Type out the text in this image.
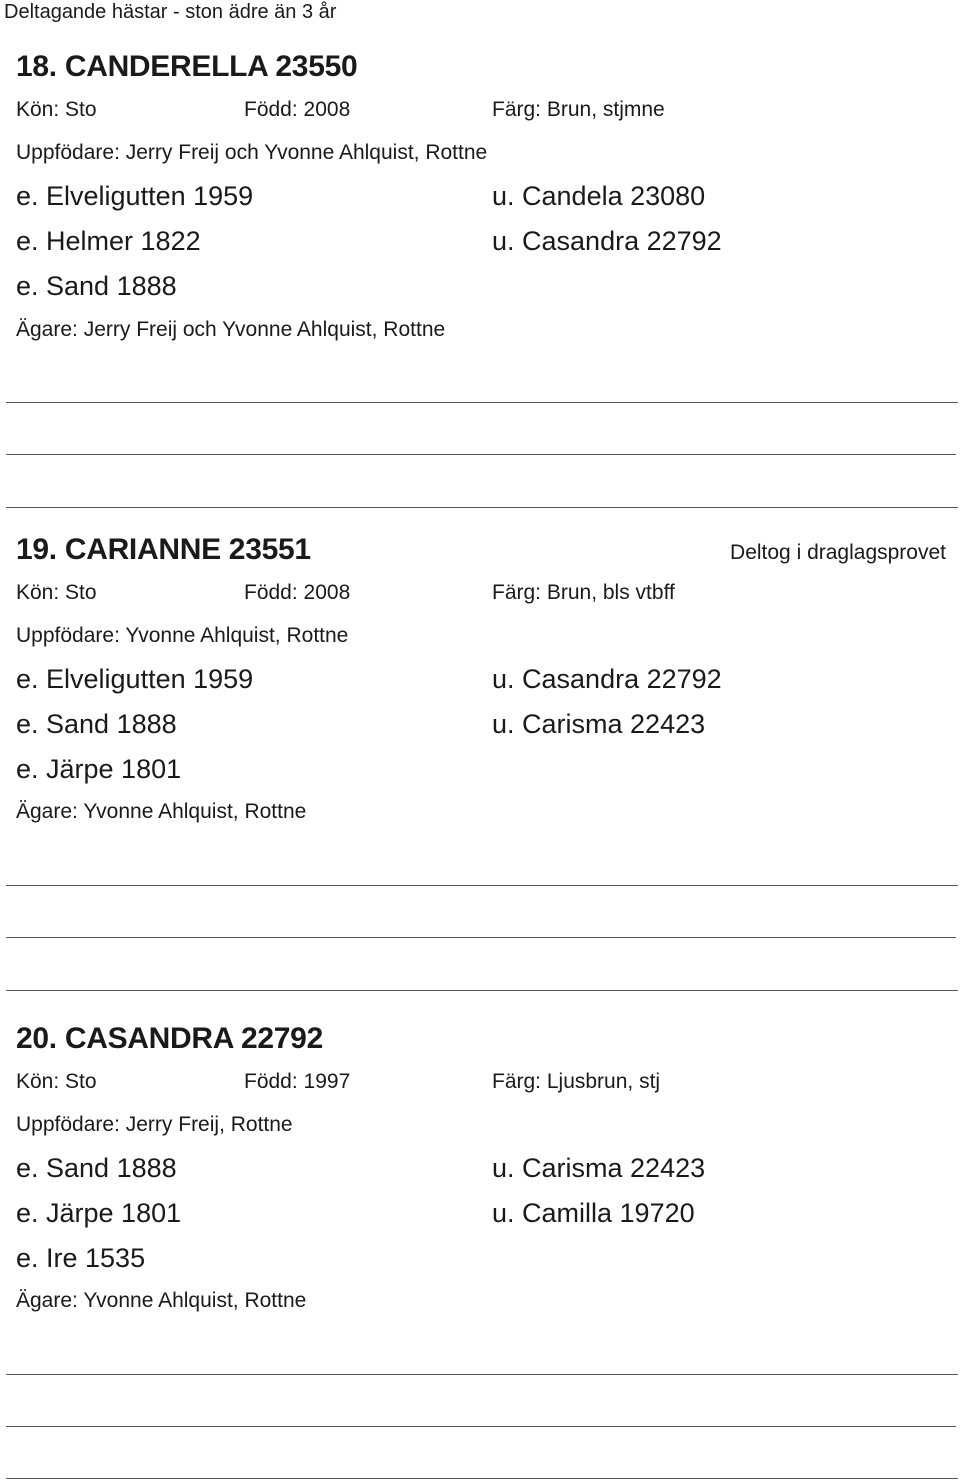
Deltagande hästar - ston ädre än 3 år
18. CANDERELLA 23550
Kön: Sto	Född: 2008	Färg: Brun, stjmne
Uppfödare: Jerry Freij och Yvonne Ahlquist, Rottne
e. Elveligutten 1959	u. Candela 23080
e. Helmer 1822	u. Casandra 22792
e. Sand 1888
Ägare: Jerry Freij och Yvonne Ahlquist, Rottne
19. CARIANNE 23551	Deltog i draglagsprovet
Kön: Sto	Född: 2008	Färg: Brun, bls vtbff
Uppfödare: Yvonne Ahlquist, Rottne
e. Elveligutten 1959	u. Casandra 22792
e. Sand 1888	u. Carisma 22423
e. Järpe 1801
Ägare: Yvonne Ahlquist, Rottne
20. CASANDRA 22792
Kön: Sto	Född: 1997	Färg: Ljusbrun, stj
Uppfödare: Jerry Freij, Rottne
e. Sand 1888	u. Carisma 22423
e. Järpe 1801	u. Camilla 19720
e. Ire 1535
Ägare: Yvonne Ahlquist, Rottne
